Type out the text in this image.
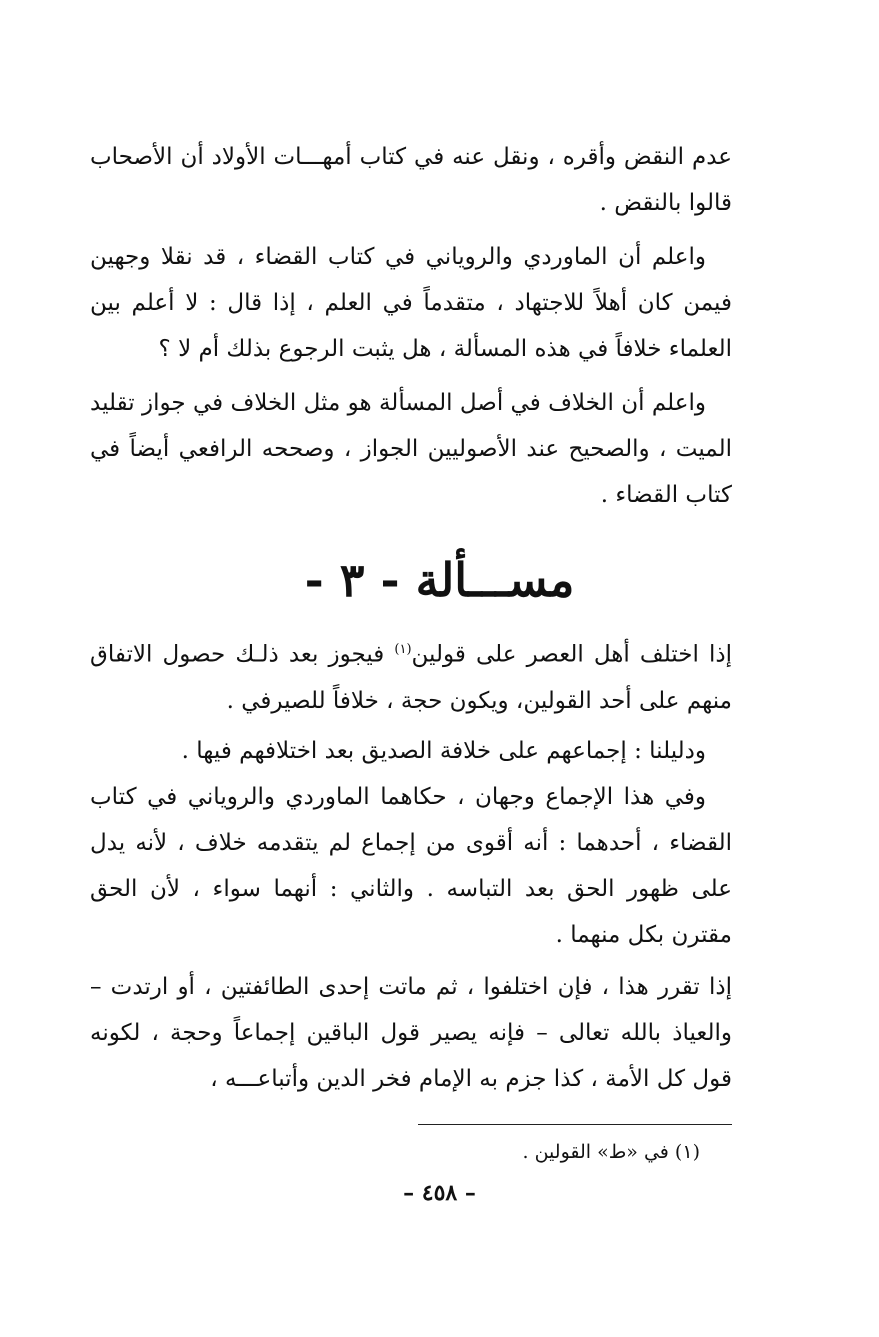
عدم النقض وأقره ، ونقل عنه في كتاب أمهـــات الأولاد أن الأصحاب قالوا بالنقض .

واعلم أن الماوردي والروياني في كتاب القضاء ، قد نقلا وجهين فيمن كان أهلاً للاجتهاد ، متقدماً في العلم ، إذا قال : لا أعلم بين العلماء خلافاً في هذه المسألة ، هل يثبت الرجوع بذلك أم لا ؟

واعلم أن الخلاف في أصل المسألة هو مثل الخلاف في جواز تقليد الميت ، والصحيح عند الأصوليين الجواز ، وصححه الرافعي أيضاً في كتاب القضاء .

مســـألة - ٣ -

إذا اختلف أهل العصر على قولين$^{(١)}$ فيجوز بعد ذلـك حصول الاتفاق منهم على أحد القولين، ويكون حجة ، خلافاً للصيرفي .

ودليلنا : إجماعهم على خلافة الصديق بعد اختلافهم فيها .

وفي هذا الإجماع وجهان ، حكاهما الماوردي والروياني في كتاب القضاء ، أحدهما : أنه أقوى من إجماع لم يتقدمه خلاف ، لأنه يدل على ظهور الحق بعد التباسه . والثاني : أنهما سواء ، لأن الحق مقترن بكل منهما .

إذا تقرر هذا ، فإن اختلفوا ، ثم ماتت إحدى الطائفتين ، أو ارتدت – والعياذ بالله تعالى – فإنه يصير قول الباقين إجماعاً وحجة ، لكونه قول كل الأمة ، كذا جزم به الإمام فخر الدين وأتباعـــه ،

(١) في «ط» القولين .
– ٤٥٨ –
